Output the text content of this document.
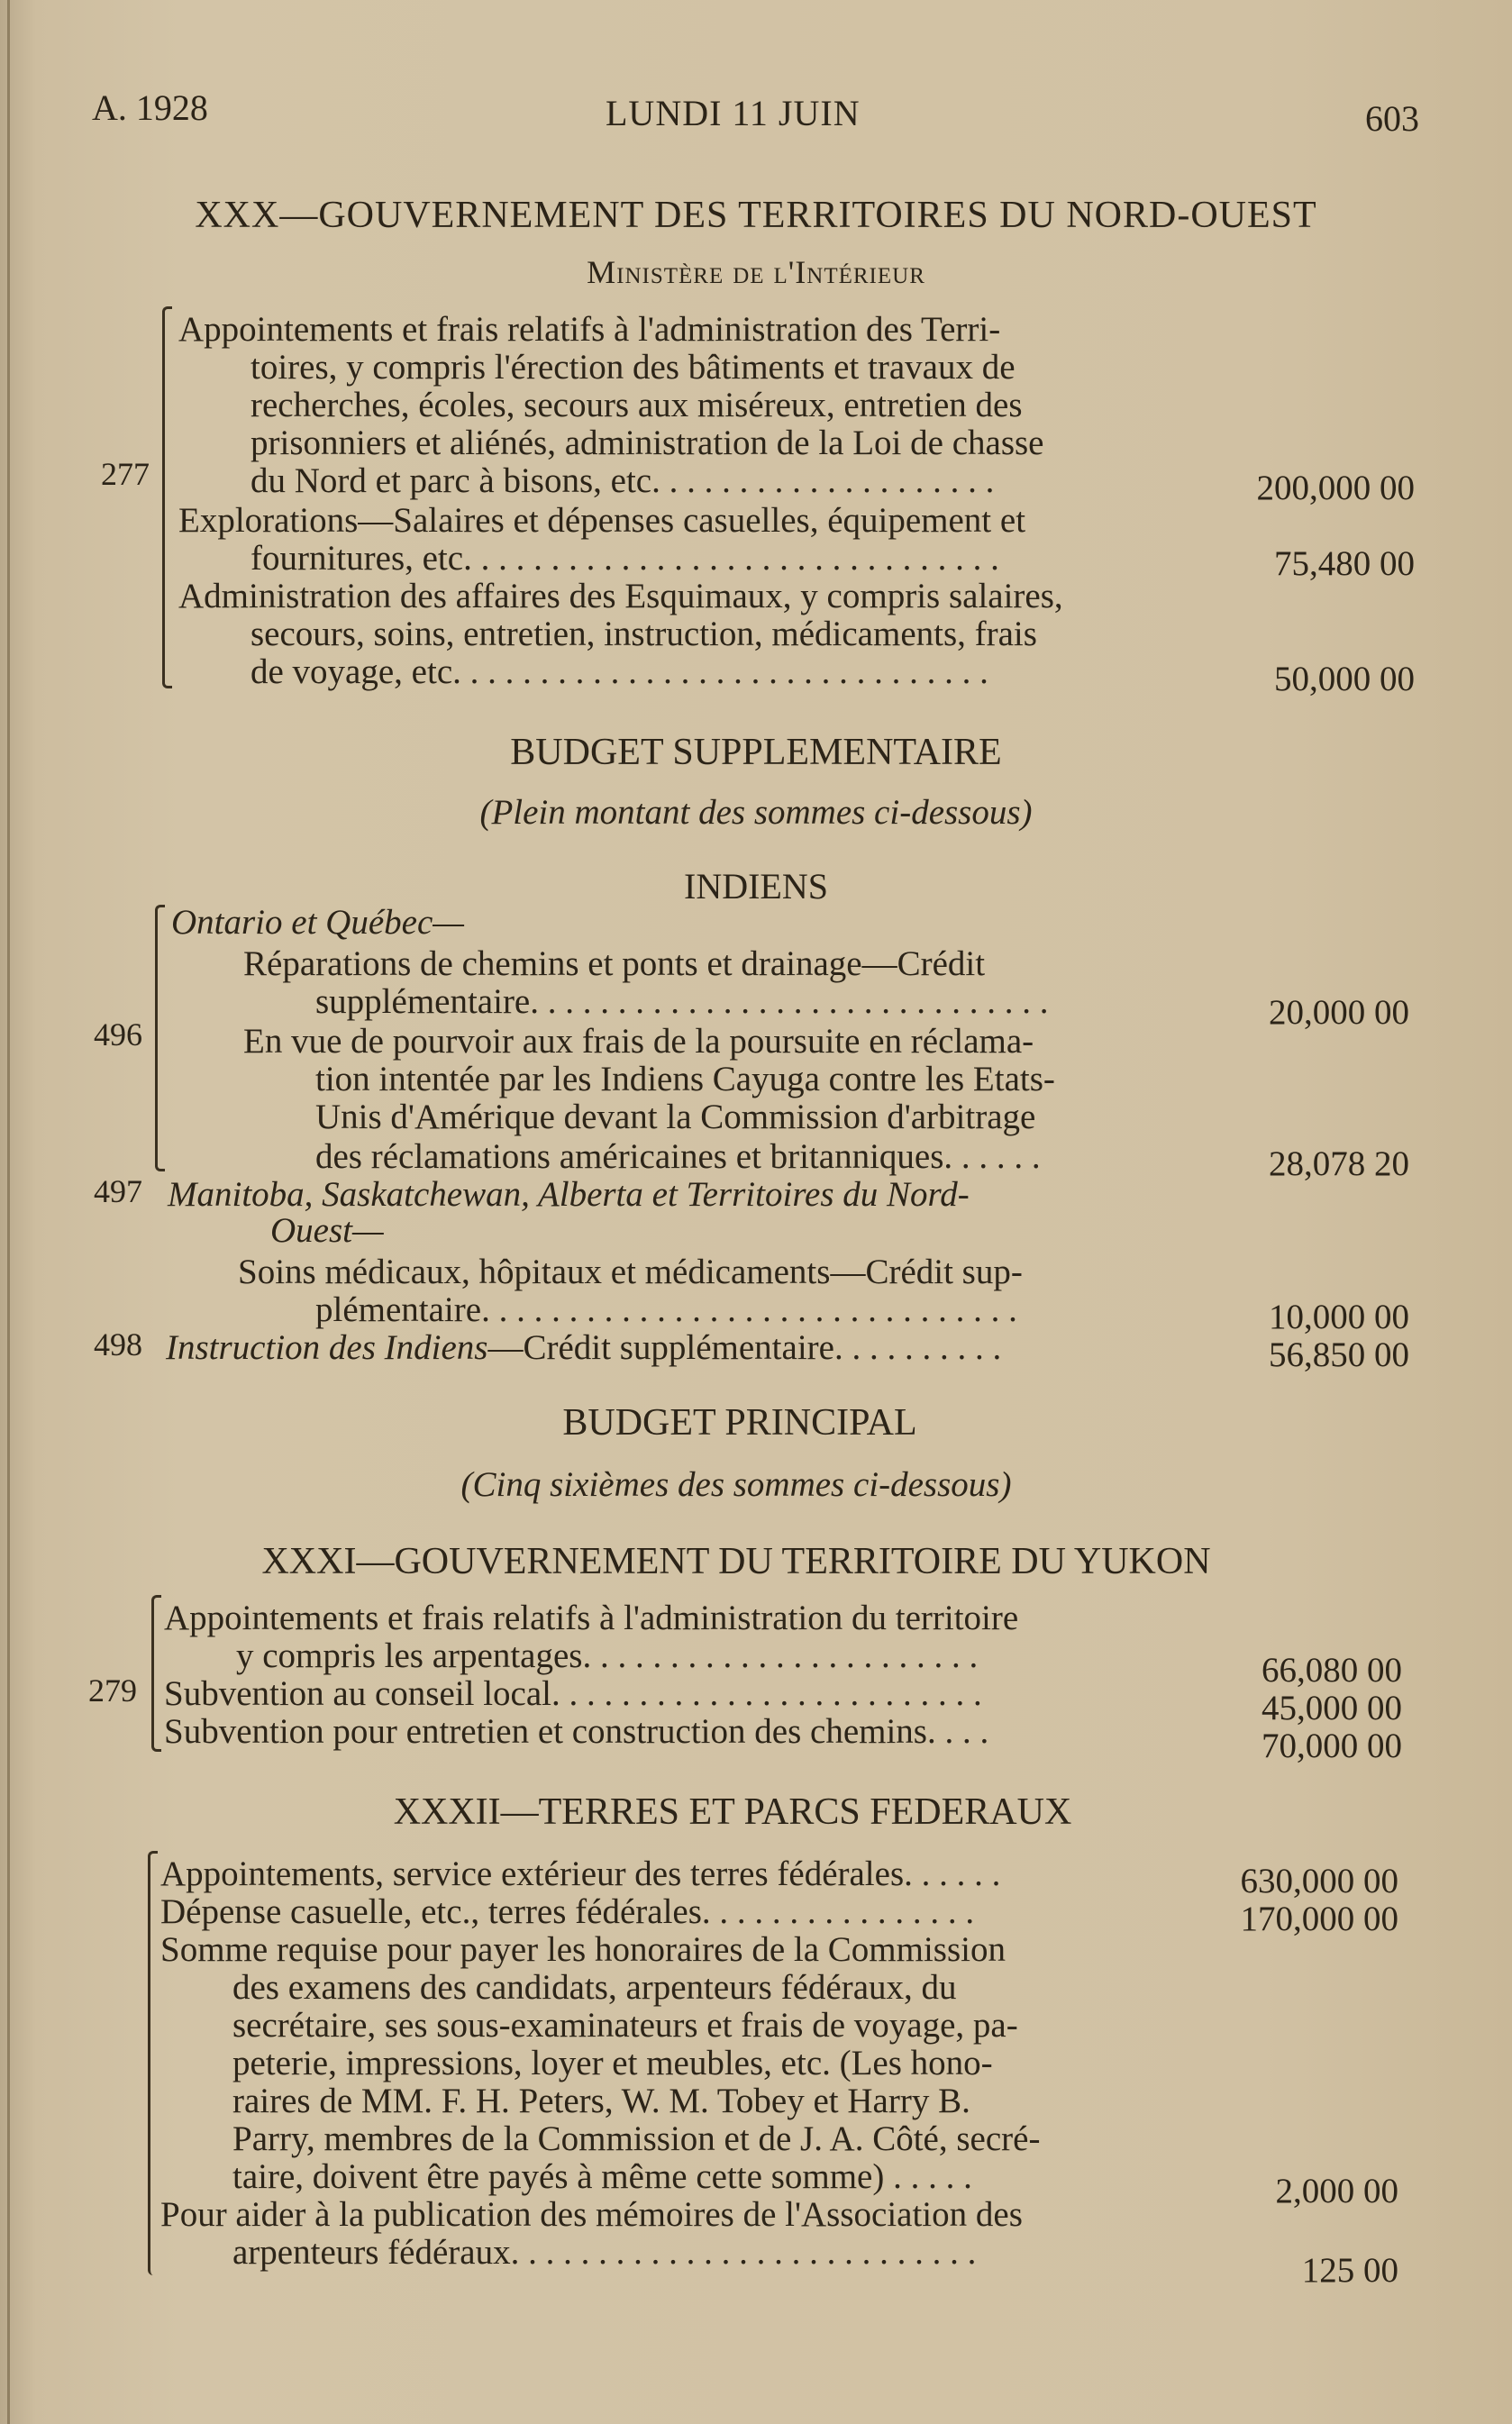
A. 1928	LUNDI 11 JUIN	603
XXX—GOUVERNEMENT DES TERRITOIRES DU NORD-OUEST
Ministère de l'Intérieur
277
Appointements et frais relatifs à l'administration des Terri-
toires, y compris l'érection des bâtiments et travaux de
recherches, écoles, secours aux miséreux, entretien des
prisonniers et aliénés, administration de la Loi de chasse
du Nord et parc à bisons, etc. . . . . . . . . . . . . . . . . . . .	200,000 00
Explorations—Salaires et dépenses casuelles, équipement et
fournitures, etc. . . . . . . . . . . . . . . . . . . . . . . . . . . . . . .	75,480 00
Administration des affaires des Esquimaux, y compris salaires,
secours, soins, entretien, instruction, médicaments, frais
de voyage, etc. . . . . . . . . . . . . . . . . . . . . . . . . . . . . . .	50,000 00
BUDGET SUPPLEMENTAIRE
(Plein montant des sommes ci-dessous)
INDIENS
496
Ontario et Québec—
Réparations de chemins et ponts et drainage—Crédit
supplémentaire. . . . . . . . . . . . . . . . . . . . . . . . . . . . . .	20,000 00
En vue de pourvoir aux frais de la poursuite en réclama-
tion intentée par les Indiens Cayuga contre les Etats-
Unis d'Amérique devant la Commission d'arbitrage
des réclamations américaines et britanniques. . . . . .	28,078 20
497 Manitoba, Saskatchewan, Alberta et Territoires du Nord-
Ouest—
Soins médicaux, hôpitaux et médicaments—Crédit sup-
plémentaire. . . . . . . . . . . . . . . . . . . . . . . . . . . . . . .	10,000 00
498 Instruction des Indiens—Crédit supplémentaire. . . . . . . . . .	56,850 00
BUDGET PRINCIPAL
(Cinq sixièmes des sommes ci-dessous)
XXXI—GOUVERNEMENT DU TERRITOIRE DU YUKON
279
Appointements et frais relatifs à l'administration du territoire
y compris les arpentages. . . . . . . . . . . . . . . . . . . . . . .	66,080 00
Subvention au conseil local. . . . . . . . . . . . . . . . . . . . . . . . .	45,000 00
Subvention pour entretien et construction des chemins. . . .	70,000 00
XXXII—TERRES ET PARCS FEDERAUX
Appointements, service extérieur des terres fédérales. . . . . .	630,000 00
Dépense casuelle, etc., terres fédérales. . . . . . . . . . . . . . . .	170,000 00
Somme requise pour payer les honoraires de la Commission
des examens des candidats, arpenteurs fédéraux, du
secrétaire, ses sous-examinateurs et frais de voyage, pa-
peterie, impressions, loyer et meubles, etc. (Les hono-
raires de MM. F. H. Peters, W. M. Tobey et Harry B.
Parry, membres de la Commission et de J. A. Côté, secré-
taire, doivent être payés à même cette somme) . . . . .	2,000 00
Pour aider à la publication des mémoires de l'Association des
arpenteurs fédéraux. . . . . . . . . . . . . . . . . . . . . . . . . . .	125 00
